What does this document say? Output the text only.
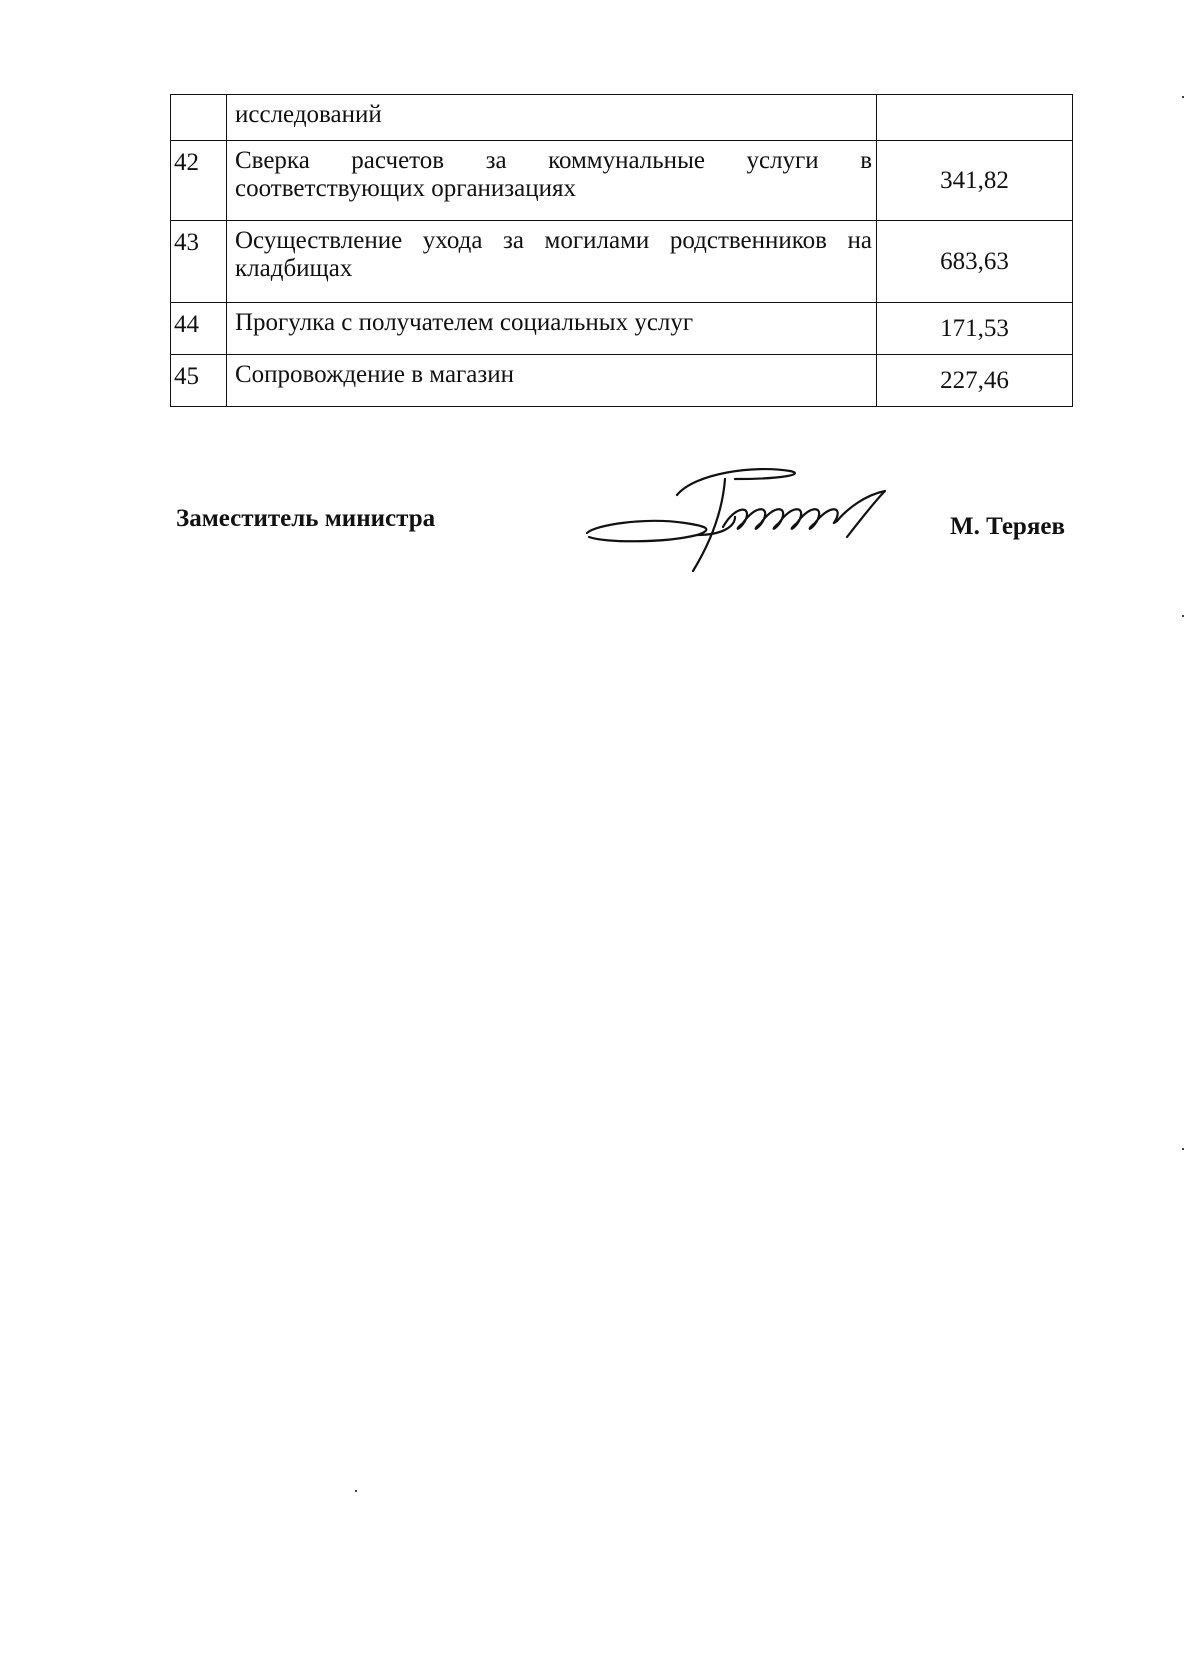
	исследований	
42	Сверка расчетов за коммунальные услуги в соответствующих организациях	341,82
43	Осуществление ухода за могилами родственников на кладбищах	683,63
44	Прогулка с получателем социальных услуг	171,53
45	Сопровождение в магазин	227,46
Заместитель министра	М. Теряев
